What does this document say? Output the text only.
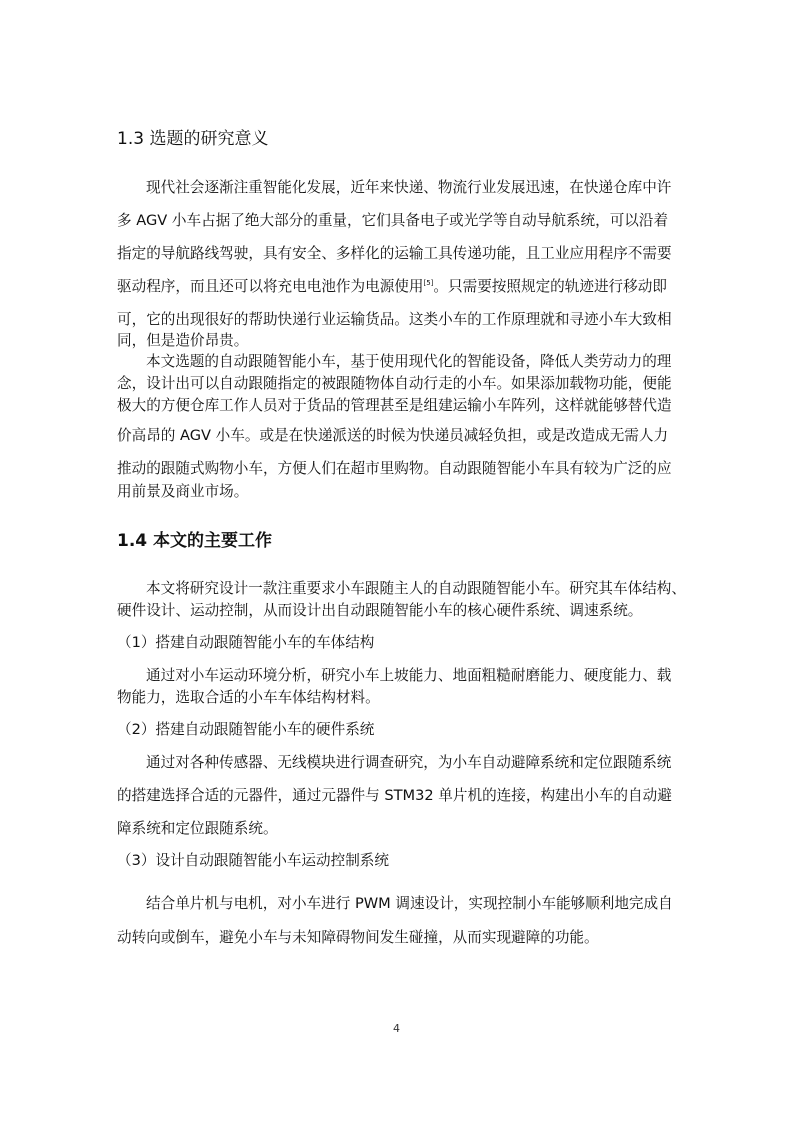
1.3 选题的研究意义
现代社会逐渐注重智能化发展，近年来快递、物流行业发展迅速，在快递仓库中许
多 AGV 小车占据了绝大部分的重量，它们具备电子或光学等自动导航系统，可以沿着
指定的导航路线驾驶，具有安全、多样化的运输工具传递功能，且工业应用程序不需要
驱动程序，而且还可以将充电电池作为电源使用[5]。只需要按照规定的轨迹进行移动即
可，它的出现很好的帮助快递行业运输货品。这类小车的工作原理就和寻迹小车大致相
同，但是造价昂贵。
本文选题的自动跟随智能小车，基于使用现代化的智能设备，降低人类劳动力的理
念，设计出可以自动跟随指定的被跟随物体自动行走的小车。如果添加载物功能，便能
极大的方便仓库工作人员对于货品的管理甚至是组建运输小车阵列，这样就能够替代造
价高昂的 AGV 小车。或是在快递派送的时候为快递员减轻负担，或是改造成无需人力
推动的跟随式购物小车，方便人们在超市里购物。自动跟随智能小车具有较为广泛的应
用前景及商业市场。
1.4 本文的主要工作
本文将研究设计一款注重要求小车跟随主人的自动跟随智能小车。研究其车体结构、
硬件设计、运动控制，从而设计出自动跟随智能小车的核心硬件系统、调速系统。
（1）搭建自动跟随智能小车的车体结构
通过对小车运动环境分析，研究小车上坡能力、地面粗糙耐磨能力、硬度能力、载
物能力，选取合适的小车车体结构材料。
（2）搭建自动跟随智能小车的硬件系统
通过对各种传感器、无线模块进行调查研究，为小车自动避障系统和定位跟随系统
的搭建选择合适的元器件，通过元器件与 STM32 单片机的连接，构建出小车的自动避
障系统和定位跟随系统。
（3）设计自动跟随智能小车运动控制系统
结合单片机与电机，对小车进行 PWM 调速设计，实现控制小车能够顺利地完成自
动转向或倒车，避免小车与未知障碍物间发生碰撞，从而实现避障的功能。
4
